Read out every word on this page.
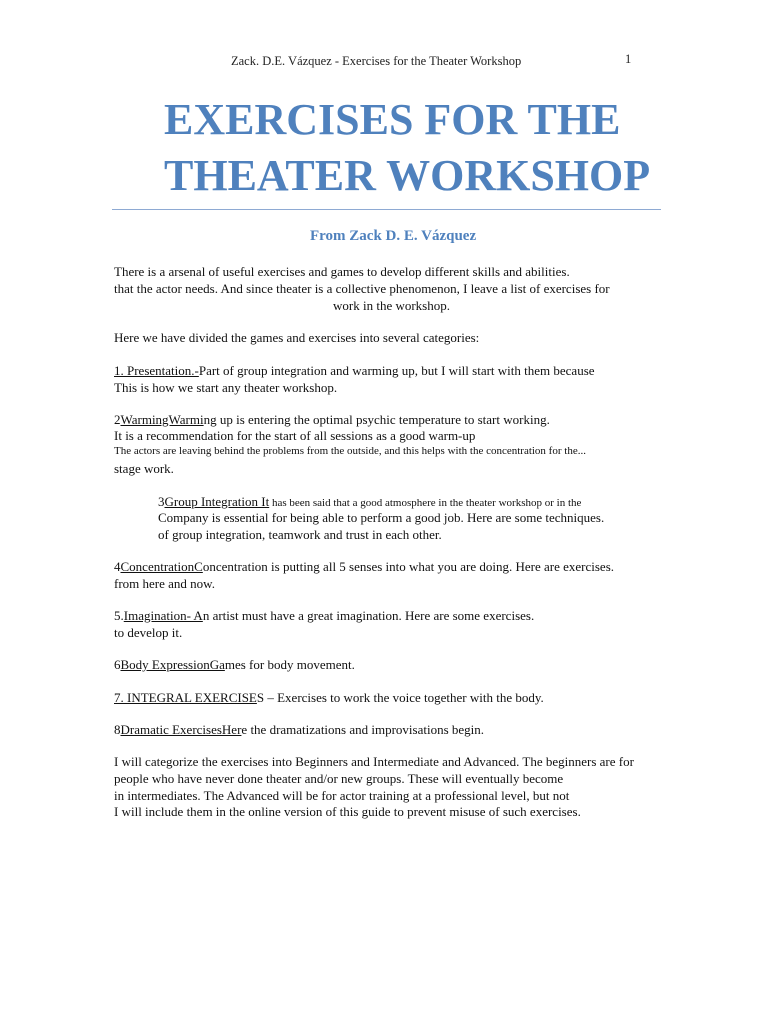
Zack. D.E. Vázquez - Exercises for the Theater Workshop	1
EXERCISES FOR THE
THEATER WORKSHOP
From Zack D. E. Vázquez
There is a arsenal of useful exercises and games to develop different skills and abilities.
that the actor needs. And since theater is a collective phenomenon, I leave a list of exercises for
work in the workshop.
Here we have divided the games and exercises into several categories:
1. Presentation.-Part of group integration and warming up, but I will start with them because
This is how we start any theater workshop.
2WarmingWarming up is entering the optimal psychic temperature to start working.
It is a recommendation for the start of all sessions as a good warm-up
The actors are leaving behind the problems from the outside, and this helps with the concentration for the...
stage work.
3Group Integration It has been said that a good atmosphere in the theater workshop or in the
Company is essential for being able to perform a good job. Here are some techniques.
of group integration, teamwork and trust in each other.
4ConcentrationConcentration is putting all 5 senses into what you are doing. Here are exercises.
from here and now.
5.Imagination- An artist must have a great imagination. Here are some exercises.
to develop it.
6Body ExpressionGames for body movement.
7. INTEGRAL EXERCISES – Exercises to work the voice together with the body.
8Dramatic ExercisesHere the dramatizations and improvisations begin.
I will categorize the exercises into Beginners and Intermediate and Advanced. The beginners are for
people who have never done theater and/or new groups. These will eventually become
in intermediates. The Advanced will be for actor training at a professional level, but not
I will include them in the online version of this guide to prevent misuse of such exercises.
